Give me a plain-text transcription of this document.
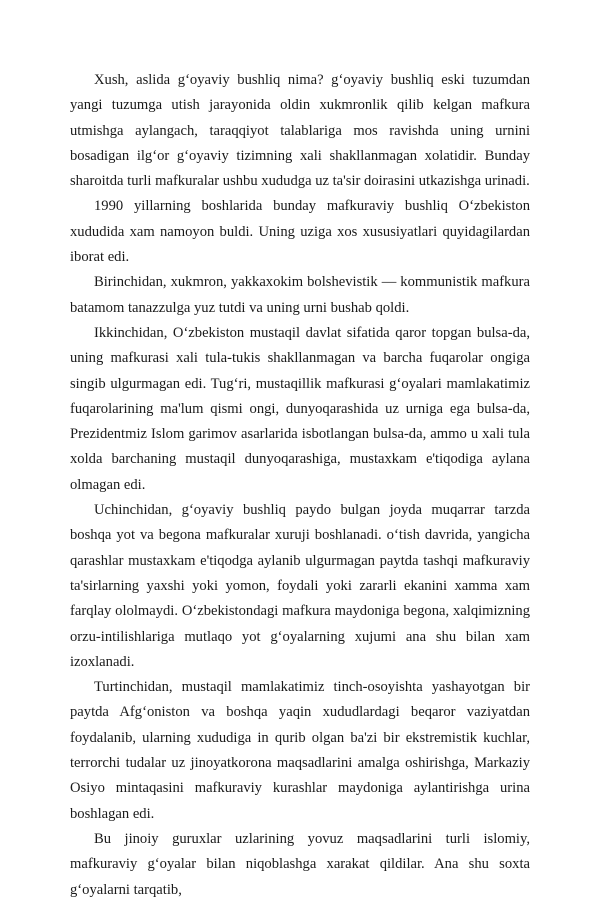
Xush, aslida g‘oyaviy bushliq nima? g‘oyaviy bushliq eski tuzumdan yangi tuzumga utish jarayonida oldin xukmronlik qilib kelgan mafkura utmishga aylangach, taraqqiyot talablariga mos ravishda uning urnini bosadigan ilg‘or g‘oyaviy tizimning xali shakllanmagan xolatidir. Bunday sharoitda turli mafkuralar ushbu xududga uz ta'sir doirasini utkazishga urinadi.

1990 yillarning boshlarida bunday mafkuraviy bushliq O‘zbekiston xududida xam namoyon buldi. Uning uziga xos xususiyatlari quyidagilardan iborat edi.

Birinchidan, xukmron, yakkaxokim bolshevistik — kommunistik mafkura batamom tanazzulga yuz tutdi va uning urni bushab qoldi.

Ikkinchidan, O‘zbekiston mustaqil davlat sifatida qaror topgan bulsa-da, uning mafkurasi xali tula-tukis shakllanmagan va barcha fuqarolar ongiga singib ulgurmagan edi. Tug‘ri, mustaqillik mafkurasi g‘oyalari mamlakatimiz fuqarolarining ma'lum qismi ongi, dunyoqarashida uz urniga ega bulsa-da, Prezidentmiz Islom garimov asarlarida isbotlangan bulsa-da, ammo u xali tula xolda barchaning mustaqil dunyoqarashiga, mustaxkam e'tiqodiga aylana olmagan edi.

Uchinchidan, g‘oyaviy bushliq paydo bulgan joyda muqarrar tarzda boshqa yot va begona mafkuralar xuruji boshlanadi. o‘tish davrida, yangicha qarashlar mustaxkam e'tiqodga aylanib ulgurmagan paytda tashqi mafkuraviy ta'sirlarning yaxshi yoki yomon, foydali yoki zararli ekanini xamma xam farqlay ololmaydi. O‘zbekistondagi mafkura maydoniga begona, xalqimizning orzu-intilishlariga mutlaqo yot g‘oyalarning xujumi ana shu bilan xam izoxlanadi.

Turtinchidan, mustaqil mamlakatimiz tinch-osoyishta yashayotgan bir paytda Afg‘oniston va boshqa yaqin xududlardagi beqaror vaziyatdan foydalanib, ularning xududiga in qurib olgan ba'zi bir ekstremistik kuchlar, terrorchi tudalar uz jinoyatkorona maqsadlarini amalga oshirishga, Markaziy Osiyo mintaqasini mafkuraviy kurashlar maydoniga aylantirishga urina boshlagan edi.

Bu jinoiy guruxlar uzlarining yovuz maqsadlarini turli islomiy, mafkuraviy g‘oyalar bilan niqoblashga xarakat qildilar. Ana shu soxta g‘oyalarni tarqatib,
